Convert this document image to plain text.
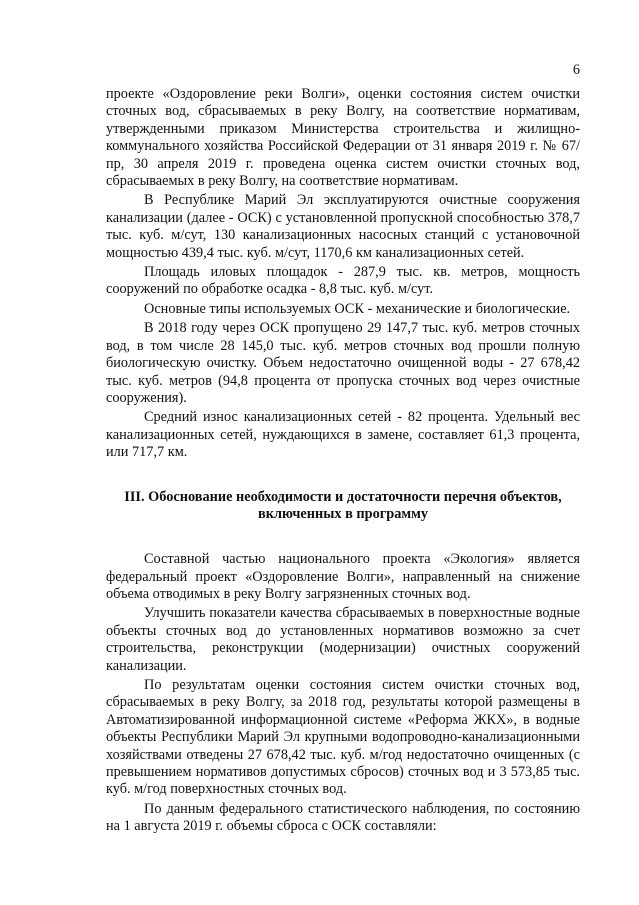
6

проекте «Оздоровление реки Волги», оценки состояния систем очистки сточных вод, сбрасываемых в реку Волгу, на соответствие нормативам, утвержденными приказом Министерства строительства и жилищно-коммунального хозяйства Российской Федерации от 31 января 2019 г. № 67/пр, 30 апреля 2019 г. проведена оценка систем очистки сточных вод, сбрасываемых в реку Волгу, на соответствие нормативам.

В Республике Марий Эл эксплуатируются очистные сооружения канализации (далее - ОСК) с установленной пропускной способностью 378,7 тыс. куб. м/сут, 130 канализационных насосных станций с установочной мощностью 439,4 тыс. куб. м/сут, 1170,6 км канализационных сетей.

Площадь иловых площадок - 287,9 тыс. кв. метров, мощность сооружений по обработке осадка - 8,8 тыс. куб. м/сут.

Основные типы используемых ОСК - механические и биологические.

В 2018 году через ОСК пропущено 29 147,7 тыс. куб. метров сточных вод, в том числе 28 145,0 тыс. куб. метров сточных вод прошли полную биологическую очистку. Объем недостаточно очищенной воды - 27 678,42 тыс. куб. метров (94,8 процента от пропуска сточных вод через очистные сооружения).

Средний износ канализационных сетей - 82 процента. Удельный вес канализационных сетей, нуждающихся в замене, составляет 61,3 процента, или 717,7 км.

III. Обоснование необходимости и достаточности перечня объектов, включенных в программу

Составной частью национального проекта «Экология» является федеральный проект «Оздоровление Волги», направленный на снижение объема отводимых в реку Волгу загрязненных сточных вод.

Улучшить показатели качества сбрасываемых в поверхностные водные объекты сточных вод до установленных нормативов возможно за счет строительства, реконструкции (модернизации) очистных сооружений канализации.

По результатам оценки состояния систем очистки сточных вод, сбрасываемых в реку Волгу, за 2018 год, результаты которой размещены в Автоматизированной информационной системе «Реформа ЖКХ», в водные объекты Республики Марий Эл крупными водопроводно-канализационными хозяйствами отведены 27 678,42 тыс. куб. м/год недостаточно очищенных (с превышением нормативов допустимых сбросов) сточных вод и 3 573,85 тыс. куб. м/год поверхностных сточных вод.

По данным федерального статистического наблюдения, по состоянию на 1 августа 2019 г. объемы сброса с ОСК составляли:
